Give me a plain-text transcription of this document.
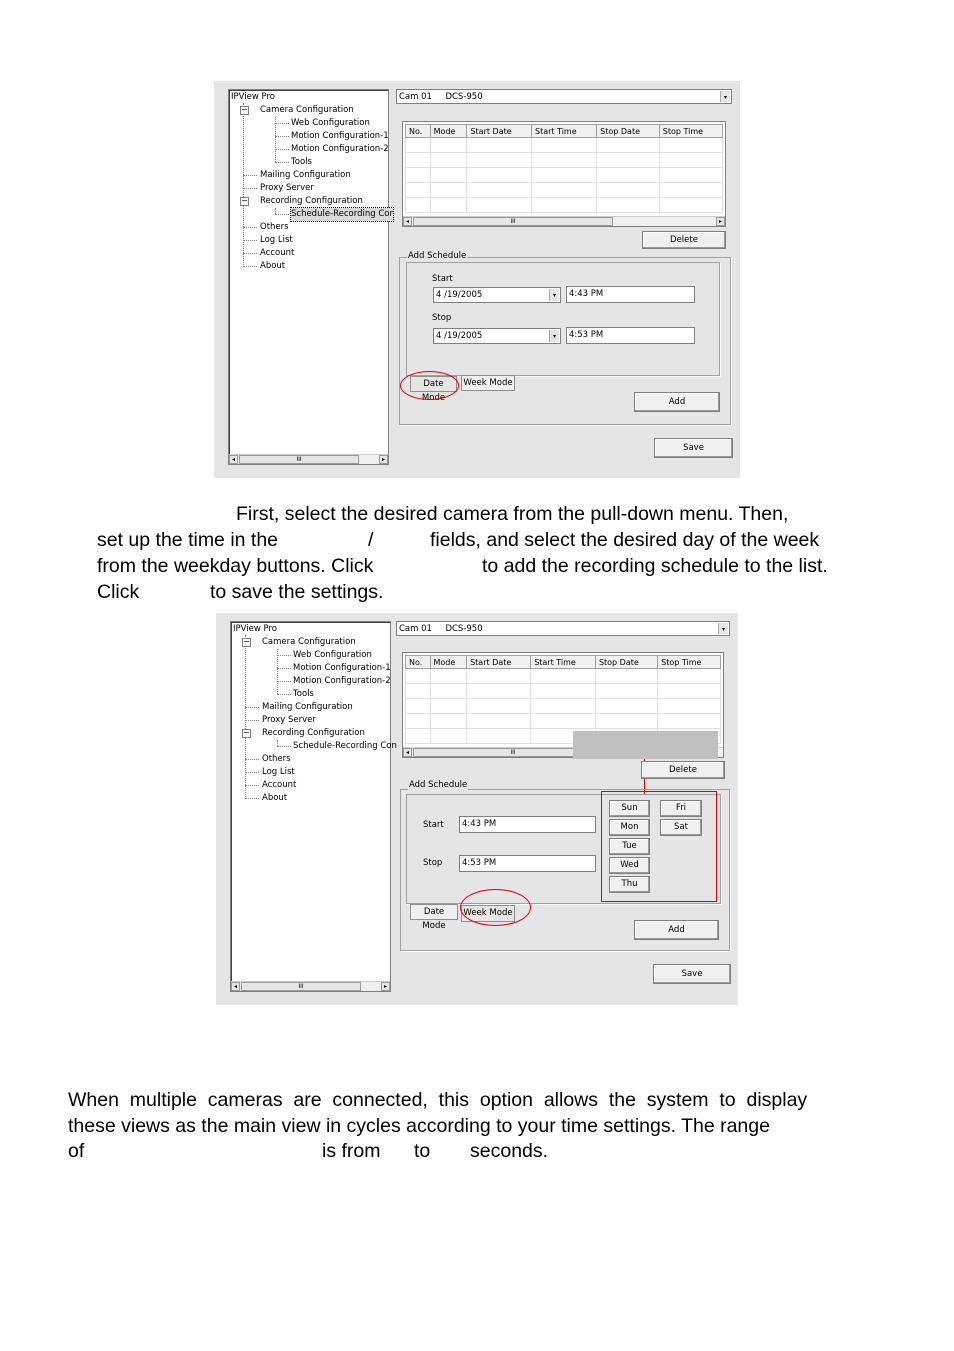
IPView Pro
− Camera Configuration
Web Configuration
Motion Configuration-1
Motion Configuration-2
Tools
Mailing Configuration
Proxy Server
− Recording Configuration
Schedule-Recording Cor
Others
Log List
Account
About
◂	III	▸
Cam 01     DCS-950	▾
No.	Mode	Start Date	Start Time	Stop Date	Stop Time

◂	III	▸
Delete
Add Schedule
Start
4 /19/2005	▾	4:43 PM
Stop
4 /19/2005	▾	4:53 PM
Date Mode
Week Mode
Add
Save
First, select the desired camera from the pull-down menu. Then,
set up the time in the	/	fields, and select the desired day of the week
from the weekday buttons. Click	to add the recording schedule to the list.
Click	to save the settings.
IPView Pro
− Camera Configuration
Web Configuration
Motion Configuration-1
Motion Configuration-2
Tools
Mailing Configuration
Proxy Server
− Recording Configuration
Schedule-Recording Con
Others
Log List
Account
About
◂	III	▸
Cam 01     DCS-950	▾
No.	Mode	Start Date	Start Time	Stop Date	Stop Time

◂	III
Delete
Add Schedule
Start	4:43 PM
Stop	4:53 PM
Sun
Mon
Tue
Wed
Thu
Fri
Sat
Date Mode
Week Mode
Add
Save
When  multiple  cameras  are  connected,  this  option  allows  the  system  to  display
these views as the main view in cycles according to your time settings. The range
of	is from to seconds.
